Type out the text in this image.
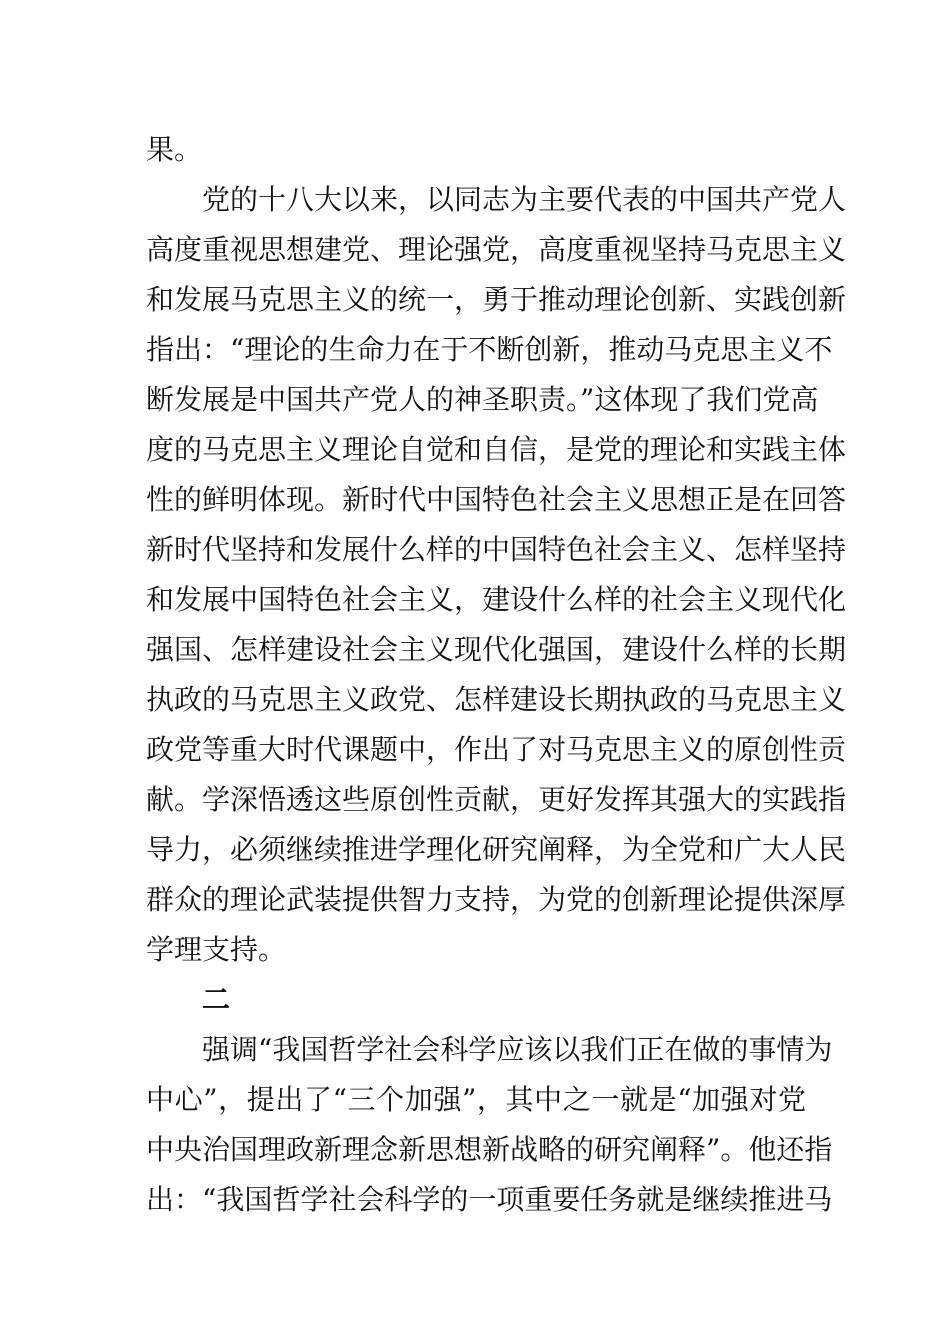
果。
党的十八大以来，以同志为主要代表的中国共产党人
高度重视思想建党、理论强党，高度重视坚持马克思主义
和发展马克思主义的统一，勇于推动理论创新、实践创新
指出：“理论的生命力在于不断创新，推动马克思主义不
断发展是中国共产党人的神圣职责。”这体现了我们党高
度的马克思主义理论自觉和自信，是党的理论和实践主体
性的鲜明体现。新时代中国特色社会主义思想正是在回答
新时代坚持和发展什么样的中国特色社会主义、怎样坚持
和发展中国特色社会主义，建设什么样的社会主义现代化
强国、怎样建设社会主义现代化强国，建设什么样的长期
执政的马克思主义政党、怎样建设长期执政的马克思主义
政党等重大时代课题中，作出了对马克思主义的原创性贡
献。学深悟透这些原创性贡献，更好发挥其强大的实践指
导力，必须继续推进学理化研究阐释，为全党和广大人民
群众的理论武装提供智力支持，为党的创新理论提供深厚
学理支持。
二
强调“我国哲学社会科学应该以我们正在做的事情为
中心”，提出了“三个加强”，其中之一就是“加强对党
中央治国理政新理念新思想新战略的研究阐释”。他还指
出：“我国哲学社会科学的一项重要任务就是继续推进马
